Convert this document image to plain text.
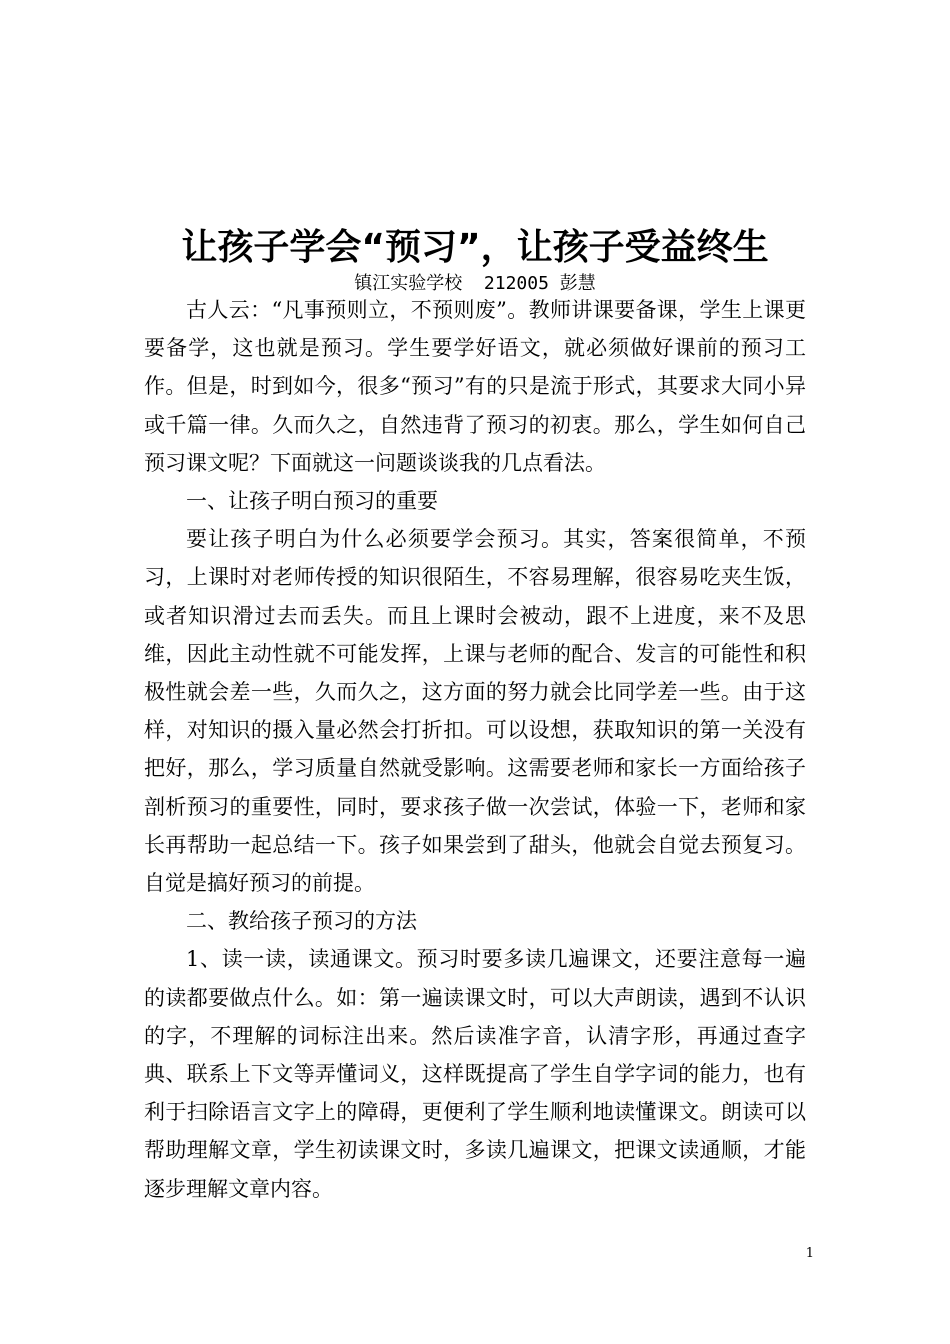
让孩子学会“预习”，让孩子受益终生
镇江实验学校  212005 彭慧

古人云：“凡事预则立，不预则废”。教师讲课要备课，学生上课更要备学，这也就是预习。学生要学好语文，就必须做好课前的预习工作。但是，时到如今，很多“预习”有的只是流于形式，其要求大同小异或千篇一律。久而久之，自然违背了预习的初衷。那么，学生如何自己预习课文呢？下面就这一问题谈谈我的几点看法。

一、让孩子明白预习的重要

要让孩子明白为什么必须要学会预习。其实，答案很简单，不预习，上课时对老师传授的知识很陌生，不容易理解，很容易吃夹生饭，或者知识滑过去而丢失。而且上课时会被动，跟不上进度，来不及思维，因此主动性就不可能发挥，上课与老师的配合、发言的可能性和积极性就会差一些，久而久之，这方面的努力就会比同学差一些。由于这样，对知识的摄入量必然会打折扣。可以设想，获取知识的第一关没有把好，那么，学习质量自然就受影响。这需要老师和家长一方面给孩子剖析预习的重要性，同时，要求孩子做一次尝试，体验一下，老师和家长再帮助一起总结一下。孩子如果尝到了甜头，他就会自觉去预复习。自觉是搞好预习的前提。

二、教给孩子预习的方法

1、读一读，读通课文。预习时要多读几遍课文，还要注意每一遍的读都要做点什么。如：第一遍读课文时，可以大声朗读，遇到不认识的字，不理解的词标注出来。然后读准字音，认清字形，再通过查字典、联系上下文等弄懂词义，这样既提高了学生自学字词的能力，也有利于扫除语言文字上的障碍，更便利了学生顺利地读懂课文。朗读可以帮助理解文章，学生初读课文时，多读几遍课文，把课文读通顺，才能逐步理解文章内容。

1
